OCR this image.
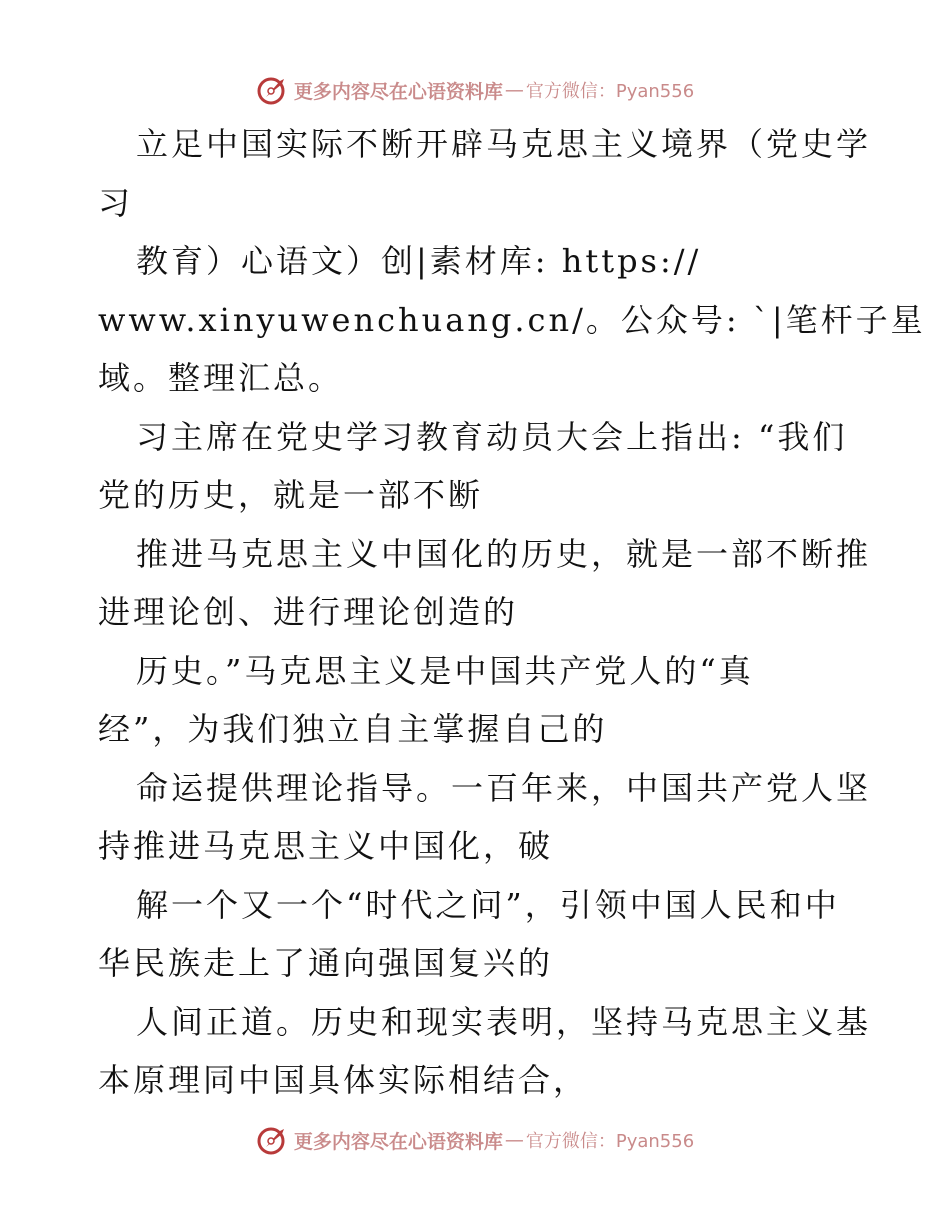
更多内容尽在心语资料库 — 官方微信：Pyan556
立足中国实际不断开辟马克思主义境界（党史学
习
教育）心语文）创|素材库: https://
www.xinyuwenchuang.cn/。公众号: `|笔杆子星
域。整理汇总。
习主席在党史学习教育动员大会上指出: “我们
党的历史，就是一部不断
推进马克思主义中国化的历史，就是一部不断推
进理论创、进行理论创造的
历史。”马克思主义是中国共产党人的“真
经”，为我们独立自主掌握自己的
命运提供理论指导。一百年来，中国共产党人坚
持推进马克思主义中国化，破
解一个又一个“时代之问”，引领中国人民和中
华民族走上了通向强国复兴的
人间正道。历史和现实表明，坚持马克思主义基
本原理同中国具体实际相结合，
更多内容尽在心语资料库 — 官方微信：Pyan556
